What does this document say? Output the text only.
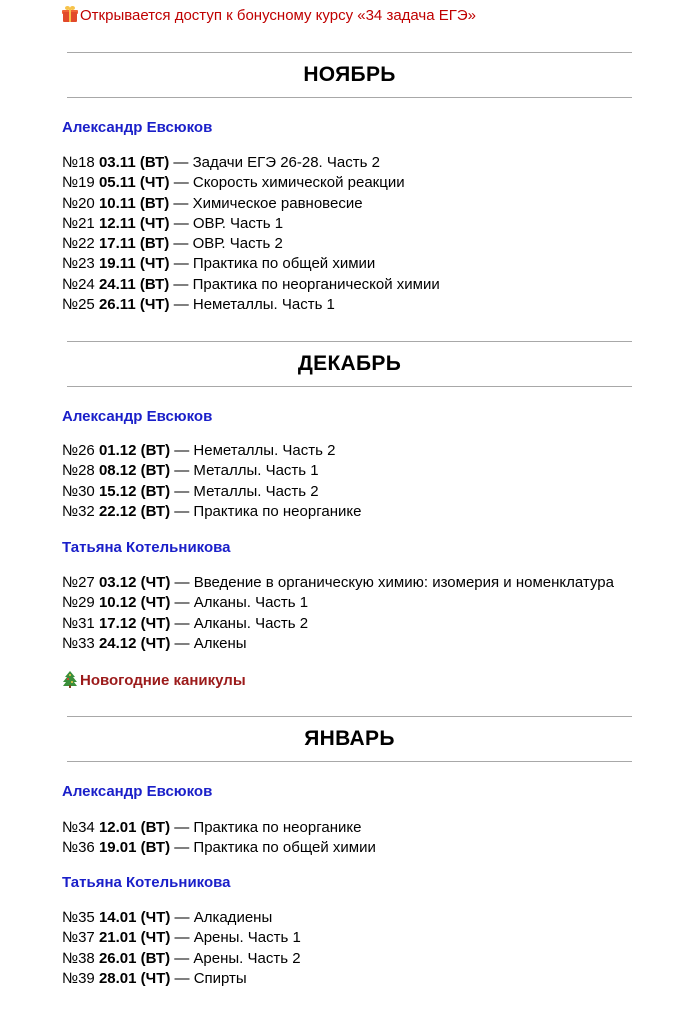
Открывается доступ к бонусному курсу «34 задача ЕГЭ»
НОЯБРЬ
Александр Евсюков
№18 03.11 (ВТ) — Задачи ЕГЭ 26-28. Часть 2
№19 05.11 (ЧТ) — Скорость химической реакции
№20 10.11 (ВТ) — Химическое равновесие
№21 12.11 (ЧТ) — ОВР. Часть 1
№22 17.11 (ВТ) — ОВР. Часть 2
№23 19.11 (ЧТ) — Практика по общей химии
№24 24.11 (ВТ) — Практика по неорганической химии
№25 26.11 (ЧТ) — Неметаллы. Часть 1
ДЕКАБРЬ
Александр Евсюков
№26 01.12 (ВТ) — Неметаллы. Часть 2
№28 08.12 (ВТ) — Металлы. Часть 1
№30 15.12 (ВТ) — Металлы. Часть 2
№32 22.12 (ВТ) — Практика по неорганике
Татьяна Котельникова
№27 03.12 (ЧТ) — Введение в органическую химию: изомерия и номенклатура
№29 10.12 (ЧТ) — Алканы. Часть 1
№31 17.12 (ЧТ) — Алканы. Часть 2
№33 24.12 (ЧТ) — Алкены
Новогодние каникулы
ЯНВАРЬ
Александр Евсюков
№34 12.01 (ВТ) — Практика по неорганике
№36 19.01 (ВТ) — Практика по общей химии
Татьяна Котельникова
№35 14.01 (ЧТ) — Алкадиены
№37 21.01 (ЧТ) — Арены. Часть 1
№38 26.01 (ВТ) — Арены. Часть 2
№39 28.01 (ЧТ) — Спирты
